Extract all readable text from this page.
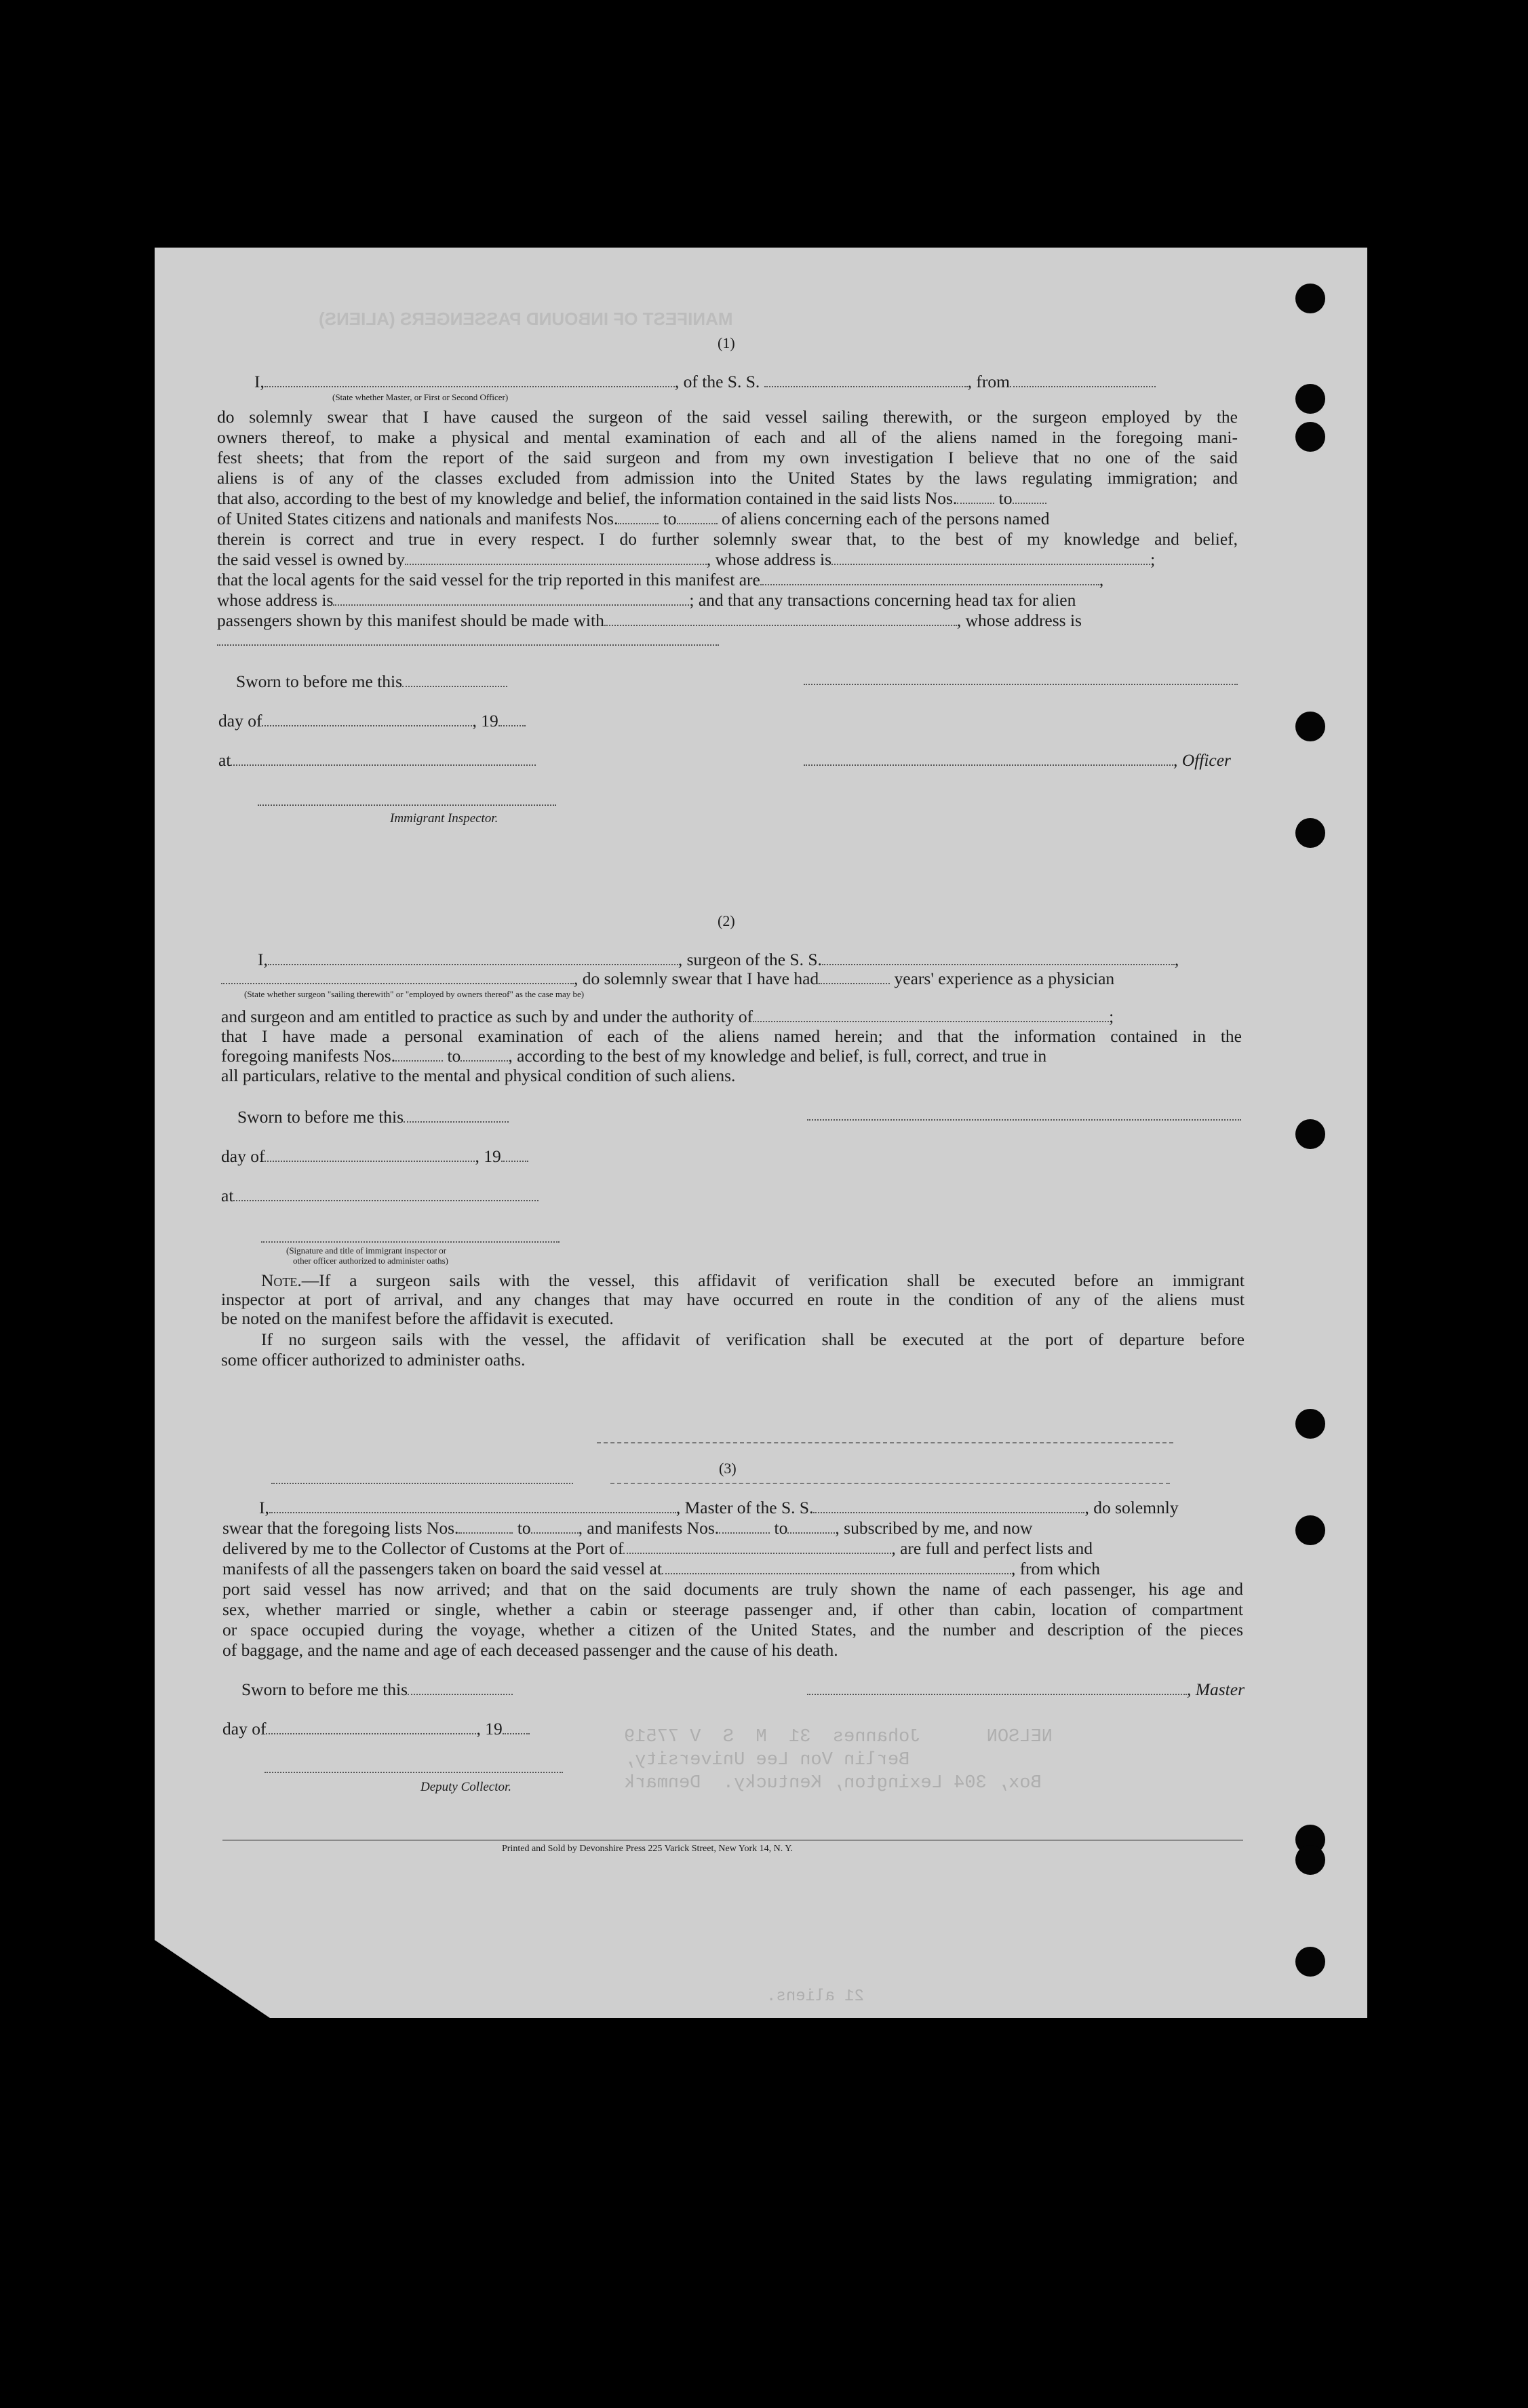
MANIFEST OF INBOUND PASSENGERS (ALIENS)
(1)
I,	, of the S. S.	, from
(State whether Master, or First or Second Officer)
do solemnly swear that I have caused the surgeon of the said vessel sailing therewith, or the surgeon employed by the
owners thereof, to make a physical and mental examination of each and all of the aliens named in the foregoing mani-
fest sheets; that from the report of the said surgeon and from my own investigation I believe that no one of the said
aliens is of any of the classes excluded from admission into the United States by the laws regulating immigration; and
that also, according to the best of my knowledge and belief, the information contained in the said lists Nos. to
of United States citizens and nationals and manifests Nos.	to	of aliens concerning each of the persons named
therein is correct and true in every respect. I do further solemnly swear that, to the best of my knowledge and belief,
the said vessel is owned by	, whose address is	;
that the local agents for the said vessel for the trip reported in this manifest are	,
whose address is	; and that any transactions concerning head tax for alien
passengers shown by this manifest should be made with	, whose address is
Sworn to before me this
day of	, 19
at	, Officer
Immigrant Inspector.
(2)
I,	, surgeon of the S. S.	,
, do solemnly swear that I have had	years' experience as a physician
(State whether surgeon "sailing therewith" or "employed by owners thereof" as the case may be)
and surgeon and am entitled to practice as such by and under the authority of	;
that I have made a personal examination of each of the aliens named herein; and that the information contained in the
foregoing manifests Nos.	to	, according to the best of my knowledge and belief, is full, correct, and true in
all particulars, relative to the mental and physical condition of such aliens.
Sworn to before me this
day of	, 19
at
(Signature and title of immigrant inspector or
other officer authorized to administer oaths)
Note.—If a surgeon sails with the vessel, this affidavit of verification shall be executed before an immigrant
inspector at port of arrival, and any changes that may have occurred en route in the condition of any of the aliens must
be noted on the manifest before the affidavit is executed.
If no surgeon sails with the vessel, the affidavit of verification shall be executed at the port of departure before
some officer authorized to administer oaths.
(3)
I,	, Master of the S. S.	, do solemnly
swear that the foregoing lists Nos.	to	, and manifests Nos.	to	, subscribed by me, and now
delivered by me to the Collector of Customs at the Port of	, are full and perfect lists and
manifests of all the passengers taken on board the said vessel at	, from which
port said vessel has now arrived; and that on the said documents are truly shown the name of each passenger, his age and
sex, whether married or single, whether a cabin or steerage passenger and, if other than cabin, location of compartment
or space occupied during the voyage, whether a citizen of the United States, and the number and description of the pieces
of baggage, and the name and age of each deceased passenger and the cause of his death.
Sworn to before me this	, Master
day of	, 19
Deputy Collector.
NELSON      Johannes  31  M  S  V 77519
Berlin Von Lee University,
Box, 304 Lexington, Kentucky.  Denmark
Printed and Sold by Devonshire Press 225 Varick Street, New York 14, N. Y.
21 aliens.
